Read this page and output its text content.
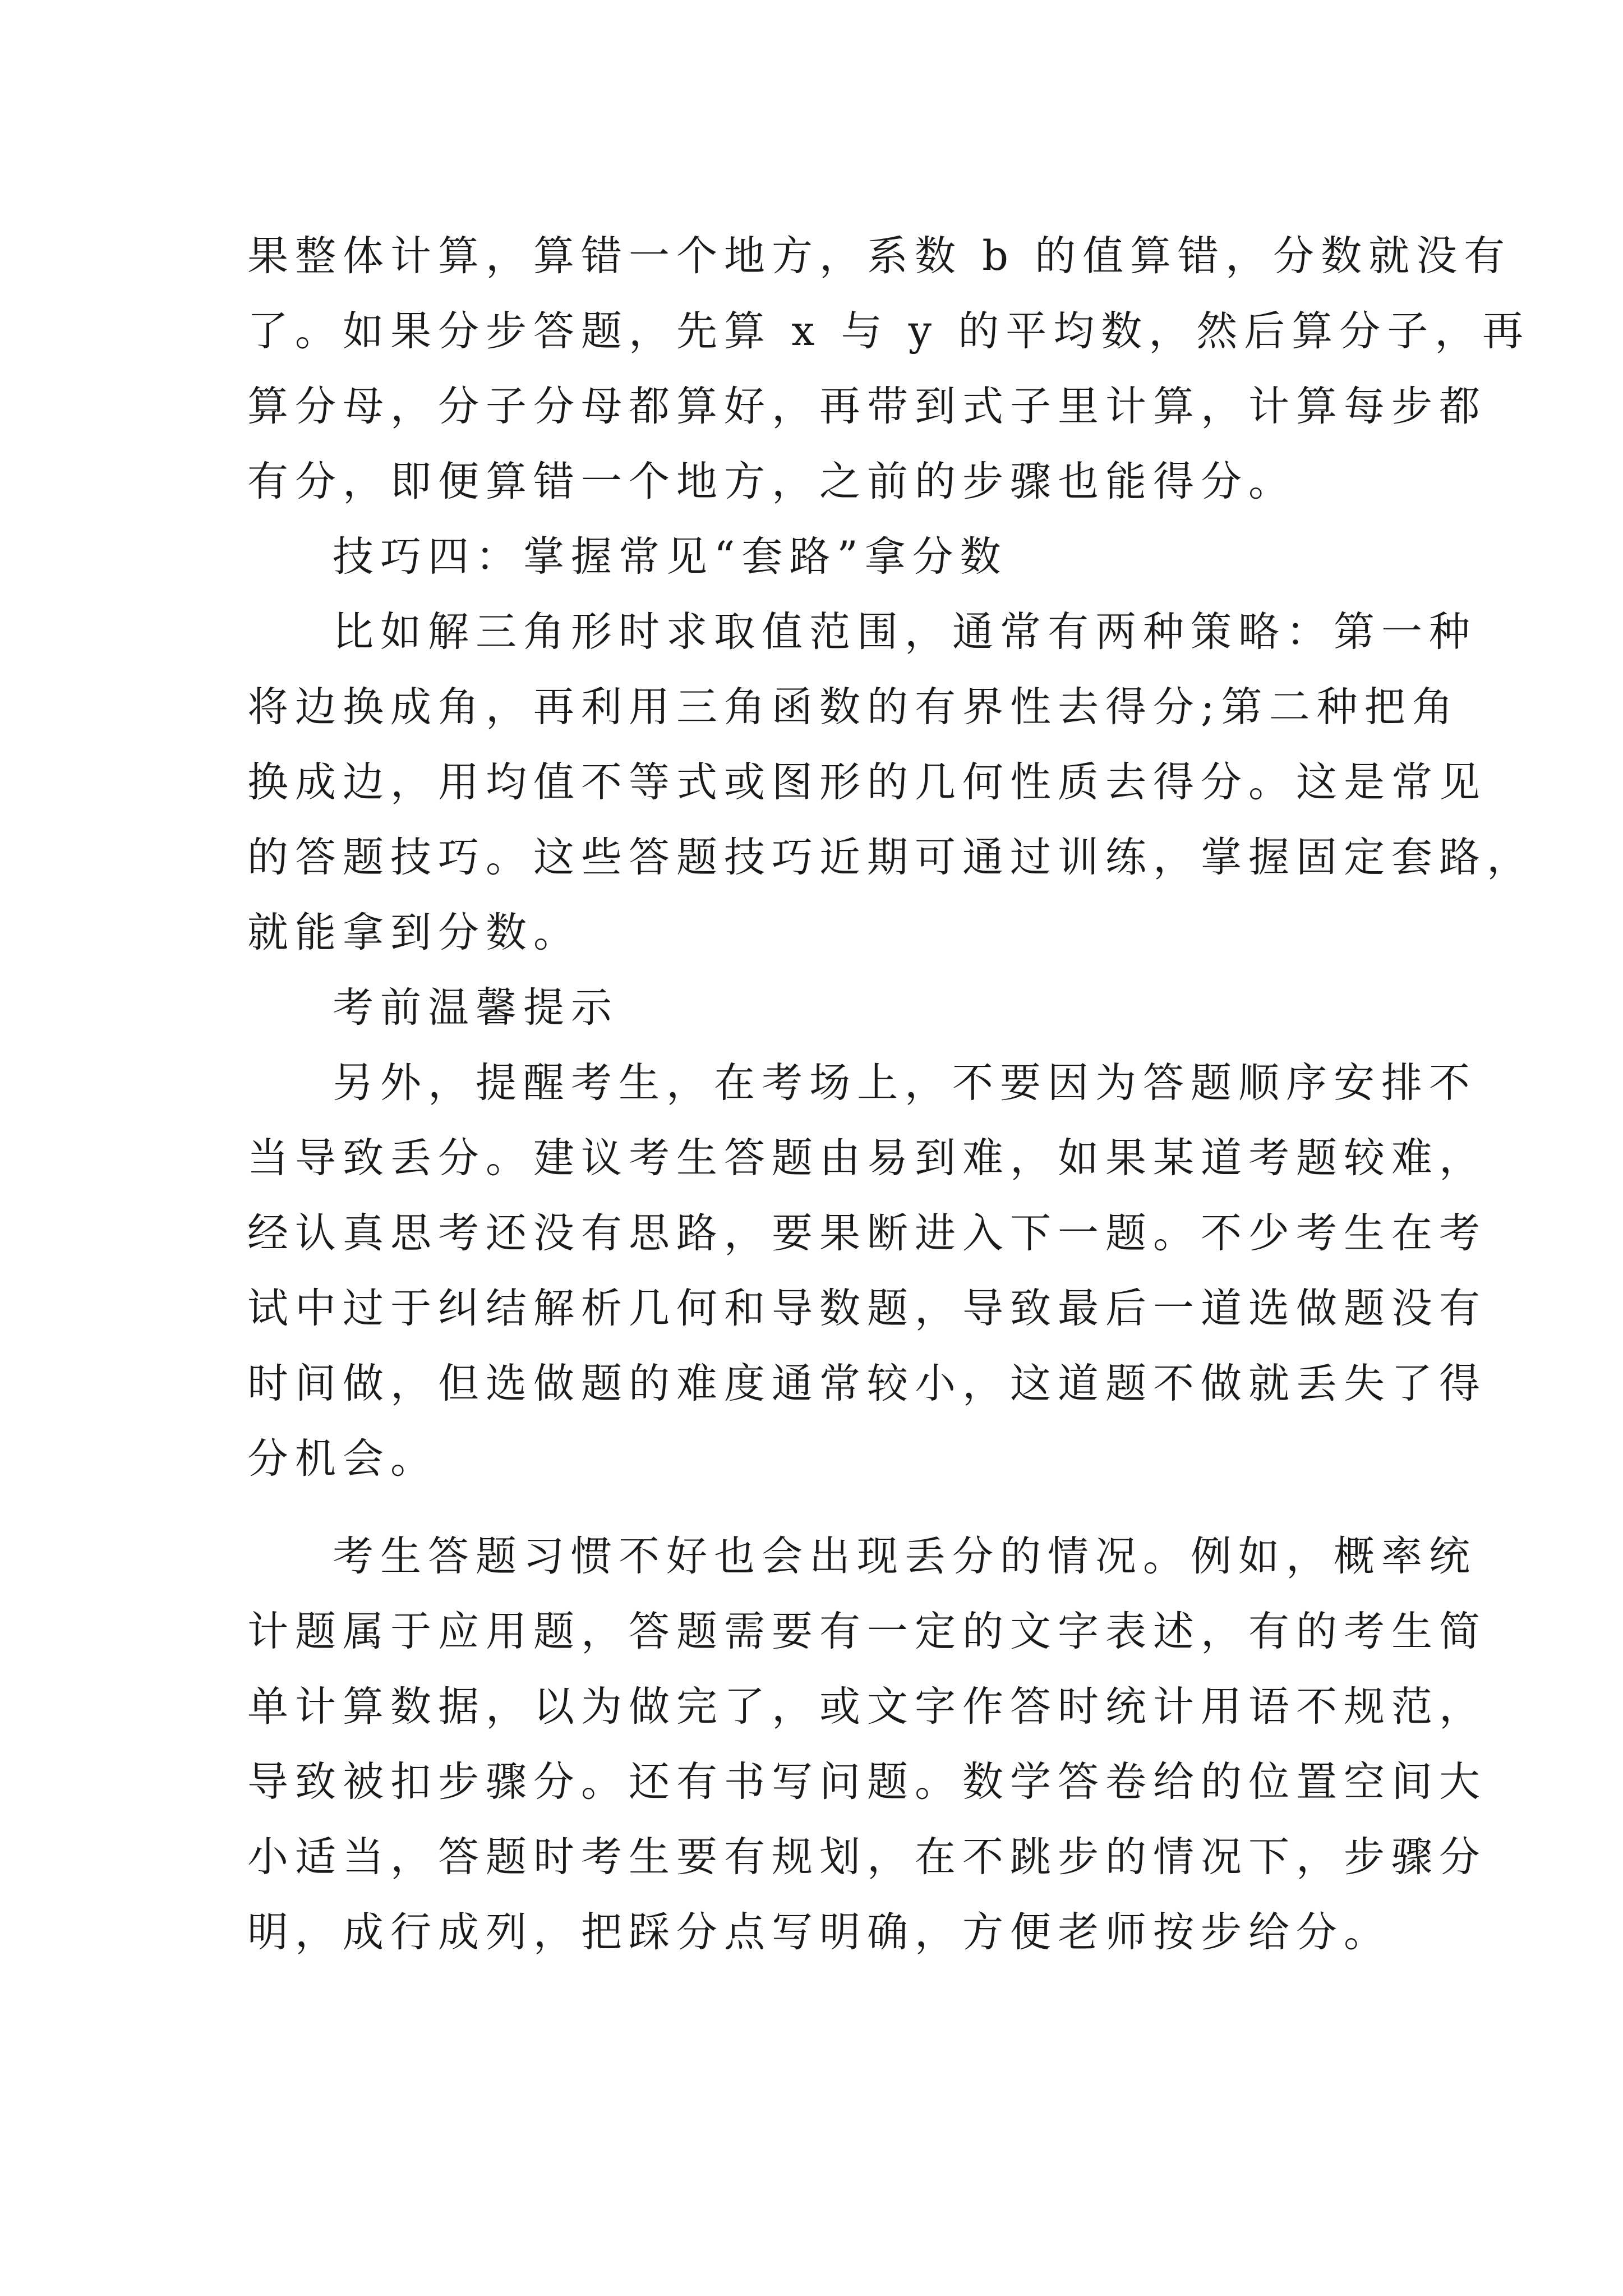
果整体计算，算错一个地方，系数 b 的值算错，分数就没有
了。如果分步答题，先算 x 与 y 的平均数，然后算分子，再
算分母，分子分母都算好，再带到式子里计算，计算每步都
有分，即便算错一个地方，之前的步骤也能得分。
技巧四：掌握常见“套路”拿分数
比如解三角形时求取值范围，通常有两种策略：第一种
将边换成角，再利用三角函数的有界性去得分;第二种把角
换成边，用均值不等式或图形的几何性质去得分。这是常见
的答题技巧。这些答题技巧近期可通过训练，掌握固定套路，
就能拿到分数。
考前温馨提示
另外，提醒考生，在考场上，不要因为答题顺序安排不
当导致丢分。建议考生答题由易到难，如果某道考题较难，
经认真思考还没有思路，要果断进入下一题。不少考生在考
试中过于纠结解析几何和导数题，导致最后一道选做题没有
时间做，但选做题的难度通常较小，这道题不做就丢失了得
分机会。
考生答题习惯不好也会出现丢分的情况。例如，概率统
计题属于应用题，答题需要有一定的文字表述，有的考生简
单计算数据，以为做完了，或文字作答时统计用语不规范，
导致被扣步骤分。还有书写问题。数学答卷给的位置空间大
小适当，答题时考生要有规划，在不跳步的情况下，步骤分
明，成行成列，把踩分点写明确，方便老师按步给分。
